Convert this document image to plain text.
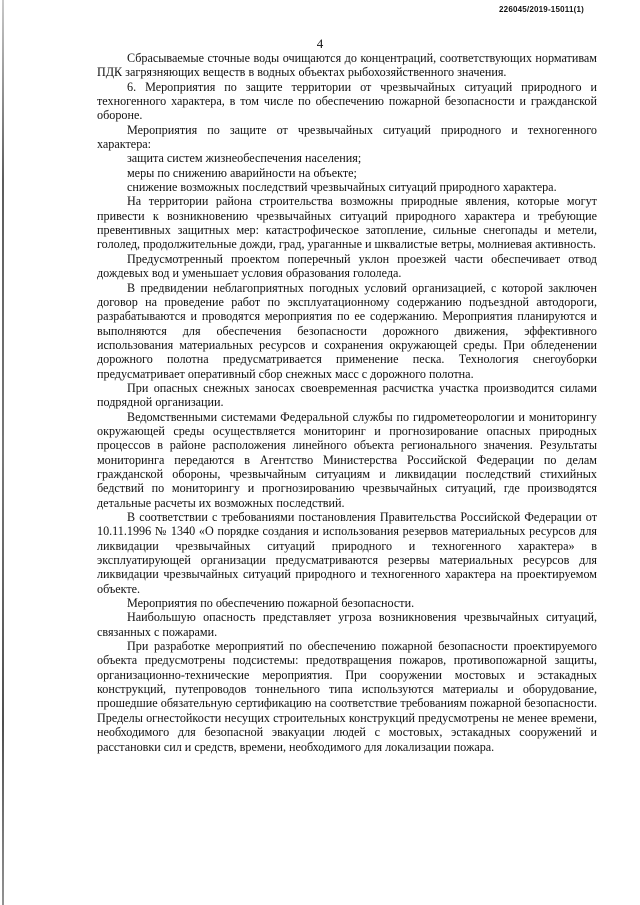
226045/2019-15011(1)
4

Сбрасываемые сточные воды очищаются до концентраций, соответствующих нормативам ПДК загрязняющих веществ в водных объектах рыбохозяйственного значения.

6. Мероприятия по защите территории от чрезвычайных ситуаций природного и техногенного характера, в том числе по обеспечению пожарной безопасности и гражданской обороне.

Мероприятия по защите от чрезвычайных ситуаций природного и техногенного характера:

защита систем жизнеобеспечения населения;

меры по снижению аварийности на объекте;

снижение возможных последствий чрезвычайных ситуаций природного характера.

На территории района строительства возможны природные явления, которые могут привести к возникновению чрезвычайных ситуаций природного характера и требующие превентивных защитных мер: катастрофическое затопление, сильные снегопады и метели, гололед, продолжительные дожди, град, ураганные и шквалистые ветры, молниевая активность.

Предусмотренный проектом поперечный уклон проезжей части обеспечивает отвод дождевых вод и уменьшает условия образования гололеда.

В предвидении неблагоприятных погодных условий организацией, с которой заключен договор на проведение работ по эксплуатационному содержанию подъездной автодороги, разрабатываются и проводятся мероприятия по ее содержанию. Мероприятия планируются и выполняются для обеспечения безопасности дорожного движения, эффективного использования материальных ресурсов и сохранения окружающей среды. При обледенении дорожного полотна предусматривается применение песка. Технология снегоуборки предусматривает оперативный сбор снежных масс с дорожного полотна.

При опасных снежных заносах своевременная расчистка участка производится силами подрядной организации.

Ведомственными системами Федеральной службы по гидрометеорологии и мониторингу окружающей среды осуществляется мониторинг и прогнозирование опасных природных процессов в районе расположения линейного объекта регионального значения. Результаты мониторинга передаются в Агентство Министерства Российской Федерации по делам гражданской обороны, чрезвычайным ситуациям и ликвидации последствий стихийных бедствий по мониторингу и прогнозированию чрезвычайных ситуаций, где производятся детальные расчеты их возможных последствий.

В соответствии с требованиями постановления Правительства Российской Федерации от 10.11.1996 № 1340 «О порядке создания и использования резервов материальных ресурсов для ликвидации чрезвычайных ситуаций природного и техногенного характера» в эксплуатирующей организации предусматриваются резервы материальных ресурсов для ликвидации чрезвычайных ситуаций природного и техногенного характера на проектируемом объекте.

Мероприятия по обеспечению пожарной безопасности.

Наибольшую опасность представляет угроза возникновения чрезвычайных ситуаций, связанных с пожарами.

При разработке мероприятий по обеспечению пожарной безопасности проектируемого объекта предусмотрены подсистемы: предотвращения пожаров, противопожарной защиты, организационно-технические мероприятия. При сооружении мостовых и эстакадных конструкций, путепроводов тоннельного типа используются материалы и оборудование, прошедшие обязательную сертификацию на соответствие требованиям пожарной безопасности. Пределы огнестойкости несущих строительных конструкций предусмотрены не менее времени, необходимого для безопасной эвакуации людей с мостовых, эстакадных сооружений и расстановки сил и средств, времени, необходимого для локализации пожара.
